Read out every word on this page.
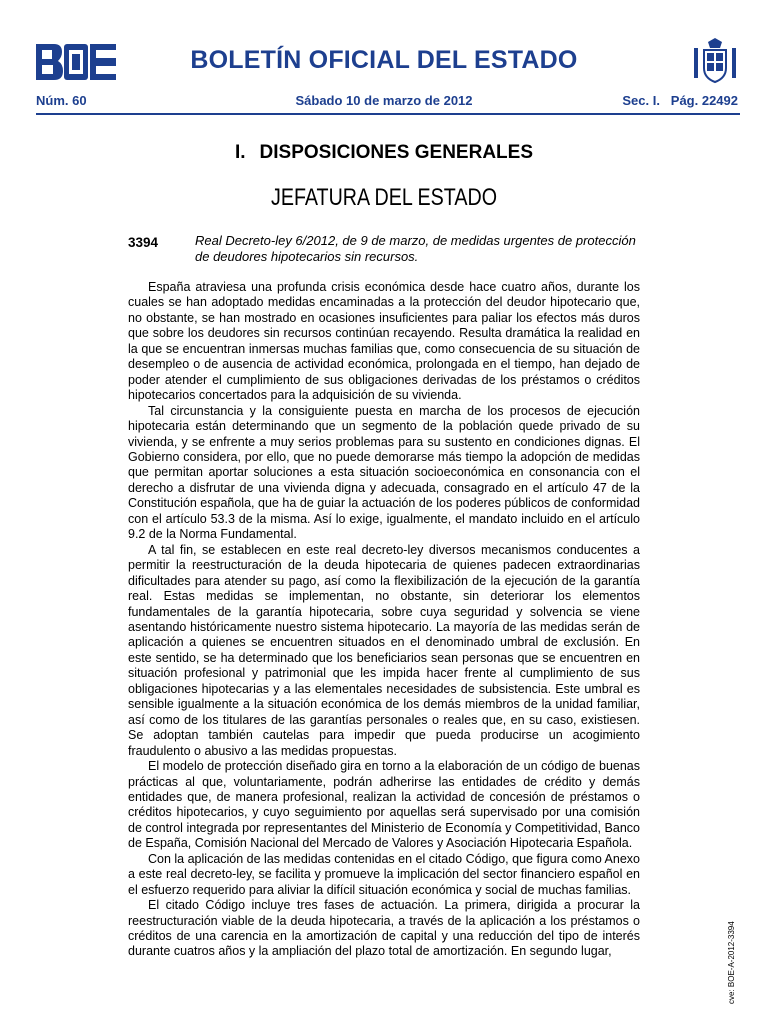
BOLETÍN OFICIAL DEL ESTADO
Núm. 60	Sábado 10 de marzo de 2012	Sec. I.   Pág. 22492
I. DISPOSICIONES GENERALES
JEFATURA DEL ESTADO
3394	Real Decreto-ley 6/2012, de 9 de marzo, de medidas urgentes de protección de deudores hipotecarios sin recursos.

España atraviesa una profunda crisis económica desde hace cuatro años, durante los cuales se han adoptado medidas encaminadas a la protección del deudor hipotecario que, no obstante, se han mostrado en ocasiones insuficientes para paliar los efectos más duros que sobre los deudores sin recursos continúan recayendo. Resulta dramática la realidad en la que se encuentran inmersas muchas familias que, como consecuencia de su situación de desempleo o de ausencia de actividad económica, prolongada en el tiempo, han dejado de poder atender el cumplimiento de sus obligaciones derivadas de los préstamos o créditos hipotecarios concertados para la adquisición de su vivienda.

Tal circunstancia y la consiguiente puesta en marcha de los procesos de ejecución hipotecaria están determinando que un segmento de la población quede privado de su vivienda, y se enfrente a muy serios problemas para su sustento en condiciones dignas. El Gobierno considera, por ello, que no puede demorarse más tiempo la adopción de medidas que permitan aportar soluciones a esta situación socioeconómica en consonancia con el derecho a disfrutar de una vivienda digna y adecuada, consagrado en el artículo 47 de la Constitución española, que ha de guiar la actuación de los poderes públicos de conformidad con el artículo 53.3 de la misma. Así lo exige, igualmente, el mandato incluido en el artículo 9.2 de la Norma Fundamental.

A tal fin, se establecen en este real decreto-ley diversos mecanismos conducentes a permitir la reestructuración de la deuda hipotecaria de quienes padecen extraordinarias dificultades para atender su pago, así como la flexibilización de la ejecución de la garantía real. Estas medidas se implementan, no obstante, sin deteriorar los elementos fundamentales de la garantía hipotecaria, sobre cuya seguridad y solvencia se viene asentando históricamente nuestro sistema hipotecario. La mayoría de las medidas serán de aplicación a quienes se encuentren situados en el denominado umbral de exclusión. En este sentido, se ha determinado que los beneficiarios sean personas que se encuentren en situación profesional y patrimonial que les impida hacer frente al cumplimiento de sus obligaciones hipotecarias y a las elementales necesidades de subsistencia. Este umbral es sensible igualmente a la situación económica de los demás miembros de la unidad familiar, así como de los titulares de las garantías personales o reales que, en su caso, existiesen. Se adoptan también cautelas para impedir que pueda producirse un acogimiento fraudulento o abusivo a las medidas propuestas.

El modelo de protección diseñado gira en torno a la elaboración de un código de buenas prácticas al que, voluntariamente, podrán adherirse las entidades de crédito y demás entidades que, de manera profesional, realizan la actividad de concesión de préstamos o créditos hipotecarios, y cuyo seguimiento por aquellas será supervisado por una comisión de control integrada por representantes del Ministerio de Economía y Competitividad, Banco de España, Comisión Nacional del Mercado de Valores y Asociación Hipotecaria Española.

Con la aplicación de las medidas contenidas en el citado Código, que figura como Anexo a este real decreto-ley, se facilita y promueve la implicación del sector financiero español en el esfuerzo requerido para aliviar la difícil situación económica y social de muchas familias.

El citado Código incluye tres fases de actuación. La primera, dirigida a procurar la reestructuración viable de la deuda hipotecaria, a través de la aplicación a los préstamos o créditos de una carencia en la amortización de capital y una reducción del tipo de interés durante cuatros años y la ampliación del plazo total de amortización. En segundo lugar,	cve: BOE-A-2012-3394
